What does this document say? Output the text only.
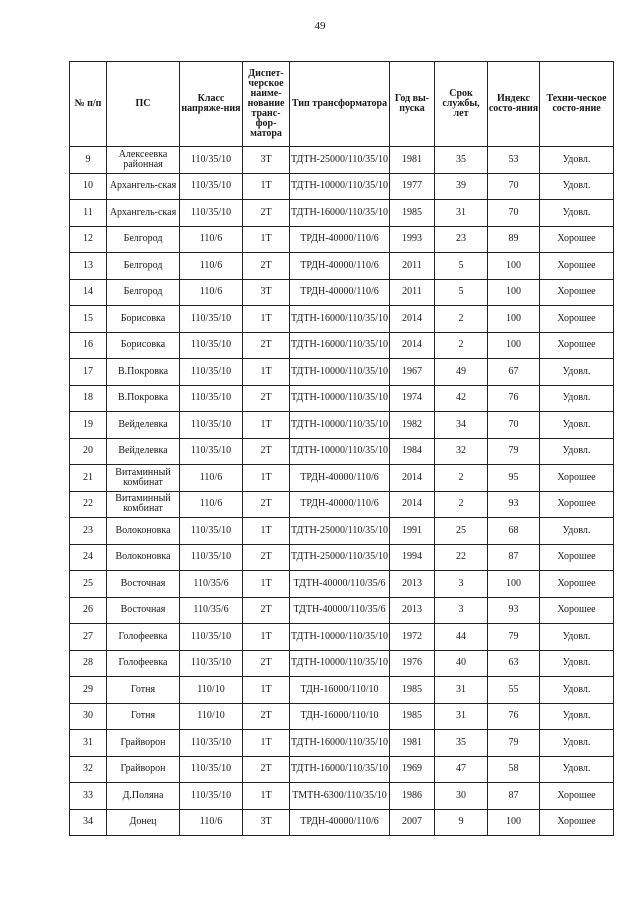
49
№ п/п	ПС	Класс напряже-ния	Диспет-черское наиме-нование транс-фор-матора	Тип трансформатора	Год вы-пуска	Срок службы, лет	Индекс состо-яния	Техни-ческое состо-яние
9	Алексеевка районная	110/35/10	3Т	ТДТН-25000/110/35/10	1981	35	53	Удовл.
10	Архангель-ская	110/35/10	1Т	ТДТН-10000/110/35/10	1977	39	70	Удовл.
11	Архангель-ская	110/35/10	2Т	ТДТН-16000/110/35/10	1985	31	70	Удовл.
12	Белгород	110/6	1Т	ТРДН-40000/110/6	1993	23	89	Хорошее
13	Белгород	110/6	2Т	ТРДН-40000/110/6	2011	5	100	Хорошее
14	Белгород	110/6	3Т	ТРДН-40000/110/6	2011	5	100	Хорошее
15	Борисовка	110/35/10	1Т	ТДТН-16000/110/35/10	2014	2	100	Хорошее
16	Борисовка	110/35/10	2Т	ТДТН-16000/110/35/10	2014	2	100	Хорошее
17	В.Покровка	110/35/10	1Т	ТДТН-10000/110/35/10	1967	49	67	Удовл.
18	В.Покровка	110/35/10	2Т	ТДТН-10000/110/35/10	1974	42	76	Удовл.
19	Вейделевка	110/35/10	1Т	ТДТН-10000/110/35/10	1982	34	70	Удовл.
20	Вейделевка	110/35/10	2Т	ТДТН-10000/110/35/10	1984	32	79	Удовл.
21	Витаминный комбинат	110/6	1Т	ТРДН-40000/110/6	2014	2	95	Хорошее
22	Витаминный комбинат	110/6	2Т	ТРДН-40000/110/6	2014	2	93	Хорошее
23	Волоконовка	110/35/10	1Т	ТДТН-25000/110/35/10	1991	25	68	Удовл.
24	Волоконовка	110/35/10	2Т	ТДТН-25000/110/35/10	1994	22	87	Хорошее
25	Восточная	110/35/6	1Т	ТДТН-40000/110/35/6	2013	3	100	Хорошее
26	Восточная	110/35/6	2Т	ТДТН-40000/110/35/6	2013	3	93	Хорошее
27	Голофеевка	110/35/10	1Т	ТДТН-10000/110/35/10	1972	44	79	Удовл.
28	Голофеевка	110/35/10	2Т	ТДТН-10000/110/35/10	1976	40	63	Удовл.
29	Готня	110/10	1Т	ТДН-16000/110/10	1985	31	55	Удовл.
30	Готня	110/10	2Т	ТДН-16000/110/10	1985	31	76	Удовл.
31	Грайворон	110/35/10	1Т	ТДТН-16000/110/35/10	1981	35	79	Удовл.
32	Грайворон	110/35/10	2Т	ТДТН-16000/110/35/10	1969	47	58	Удовл.
33	Д.Поляна	110/35/10	1Т	ТМТН-6300/110/35/10	1986	30	87	Хорошее
34	Донец	110/6	3Т	ТРДН-40000/110/6	2007	9	100	Хорошее
